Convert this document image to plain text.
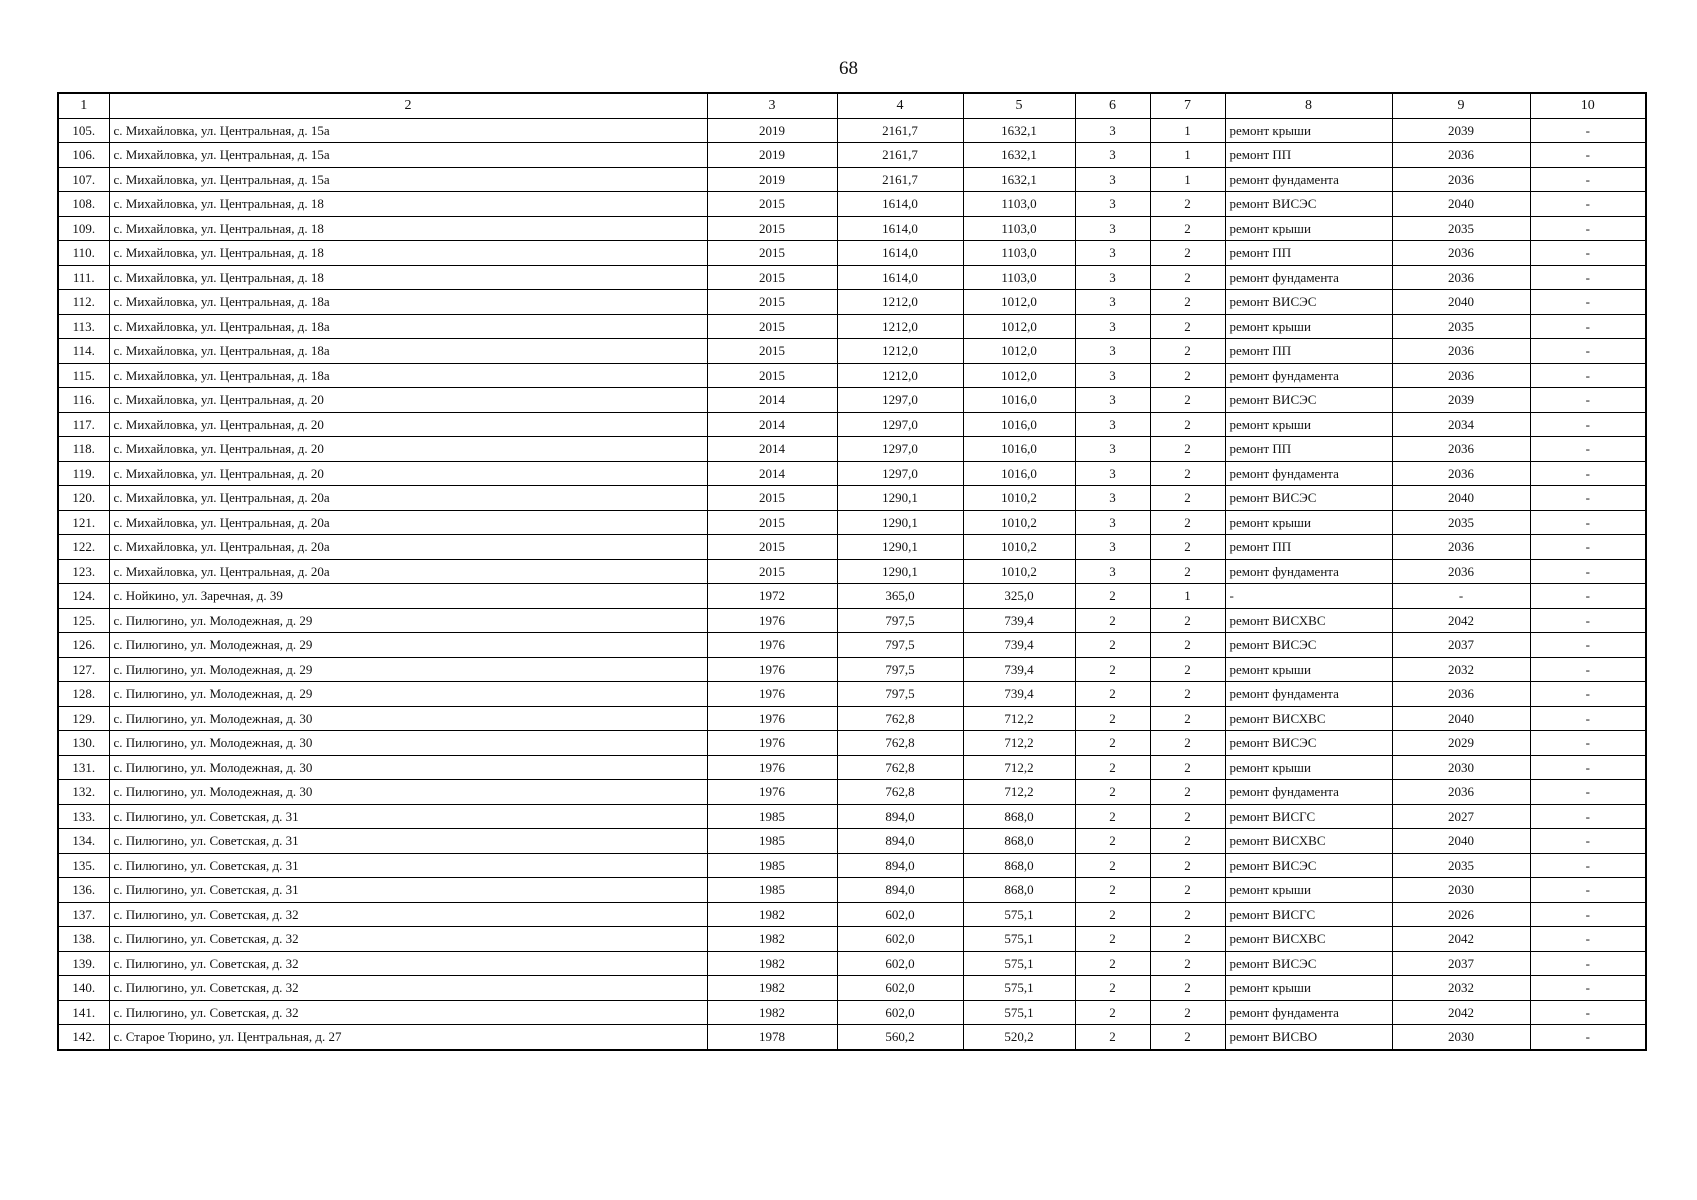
68
1	2	3	4	5	6	7	8	9	10
105.	с. Михайловка, ул. Центральная, д. 15а	2019	2161,7	1632,1	3	1	ремонт крыши	2039	-
106.	с. Михайловка, ул. Центральная, д. 15а	2019	2161,7	1632,1	3	1	ремонт ПП	2036	-
107.	с. Михайловка, ул. Центральная, д. 15а	2019	2161,7	1632,1	3	1	ремонт фундамента	2036	-
108.	с. Михайловка, ул. Центральная, д. 18	2015	1614,0	1103,0	3	2	ремонт ВИСЭС	2040	-
109.	с. Михайловка, ул. Центральная, д. 18	2015	1614,0	1103,0	3	2	ремонт крыши	2035	-
110.	с. Михайловка, ул. Центральная, д. 18	2015	1614,0	1103,0	3	2	ремонт ПП	2036	-
111.	с. Михайловка, ул. Центральная, д. 18	2015	1614,0	1103,0	3	2	ремонт фундамента	2036	-
112.	с. Михайловка, ул. Центральная, д. 18а	2015	1212,0	1012,0	3	2	ремонт ВИСЭС	2040	-
113.	с. Михайловка, ул. Центральная, д. 18а	2015	1212,0	1012,0	3	2	ремонт крыши	2035	-
114.	с. Михайловка, ул. Центральная, д. 18а	2015	1212,0	1012,0	3	2	ремонт ПП	2036	-
115.	с. Михайловка, ул. Центральная, д. 18а	2015	1212,0	1012,0	3	2	ремонт фундамента	2036	-
116.	с. Михайловка, ул. Центральная, д. 20	2014	1297,0	1016,0	3	2	ремонт ВИСЭС	2039	-
117.	с. Михайловка, ул. Центральная, д. 20	2014	1297,0	1016,0	3	2	ремонт крыши	2034	-
118.	с. Михайловка, ул. Центральная, д. 20	2014	1297,0	1016,0	3	2	ремонт ПП	2036	-
119.	с. Михайловка, ул. Центральная, д. 20	2014	1297,0	1016,0	3	2	ремонт фундамента	2036	-
120.	с. Михайловка, ул. Центральная, д. 20а	2015	1290,1	1010,2	3	2	ремонт ВИСЭС	2040	-
121.	с. Михайловка, ул. Центральная, д. 20а	2015	1290,1	1010,2	3	2	ремонт крыши	2035	-
122.	с. Михайловка, ул. Центральная, д. 20а	2015	1290,1	1010,2	3	2	ремонт ПП	2036	-
123.	с. Михайловка, ул. Центральная, д. 20а	2015	1290,1	1010,2	3	2	ремонт фундамента	2036	-
124.	с. Нойкино, ул. Заречная, д. 39	1972	365,0	325,0	2	1	-	-	-
125.	с. Пилюгино, ул. Молодежная, д. 29	1976	797,5	739,4	2	2	ремонт ВИСХВС	2042	-
126.	с. Пилюгино, ул. Молодежная, д. 29	1976	797,5	739,4	2	2	ремонт ВИСЭС	2037	-
127.	с. Пилюгино, ул. Молодежная, д. 29	1976	797,5	739,4	2	2	ремонт крыши	2032	-
128.	с. Пилюгино, ул. Молодежная, д. 29	1976	797,5	739,4	2	2	ремонт фундамента	2036	-
129.	с. Пилюгино, ул. Молодежная, д. 30	1976	762,8	712,2	2	2	ремонт ВИСХВС	2040	-
130.	с. Пилюгино, ул. Молодежная, д. 30	1976	762,8	712,2	2	2	ремонт ВИСЭС	2029	-
131.	с. Пилюгино, ул. Молодежная, д. 30	1976	762,8	712,2	2	2	ремонт крыши	2030	-
132.	с. Пилюгино, ул. Молодежная, д. 30	1976	762,8	712,2	2	2	ремонт фундамента	2036	-
133.	с. Пилюгино, ул. Советская, д. 31	1985	894,0	868,0	2	2	ремонт ВИСГС	2027	-
134.	с. Пилюгино, ул. Советская, д. 31	1985	894,0	868,0	2	2	ремонт ВИСХВС	2040	-
135.	с. Пилюгино, ул. Советская, д. 31	1985	894,0	868,0	2	2	ремонт ВИСЭС	2035	-
136.	с. Пилюгино, ул. Советская, д. 31	1985	894,0	868,0	2	2	ремонт крыши	2030	-
137.	с. Пилюгино, ул. Советская, д. 32	1982	602,0	575,1	2	2	ремонт ВИСГС	2026	-
138.	с. Пилюгино, ул. Советская, д. 32	1982	602,0	575,1	2	2	ремонт ВИСХВС	2042	-
139.	с. Пилюгино, ул. Советская, д. 32	1982	602,0	575,1	2	2	ремонт ВИСЭС	2037	-
140.	с. Пилюгино, ул. Советская, д. 32	1982	602,0	575,1	2	2	ремонт крыши	2032	-
141.	с. Пилюгино, ул. Советская, д. 32	1982	602,0	575,1	2	2	ремонт фундамента	2042	-
142.	с. Старое Тюрино, ул. Центральная, д. 27	1978	560,2	520,2	2	2	ремонт ВИСВО	2030	-
